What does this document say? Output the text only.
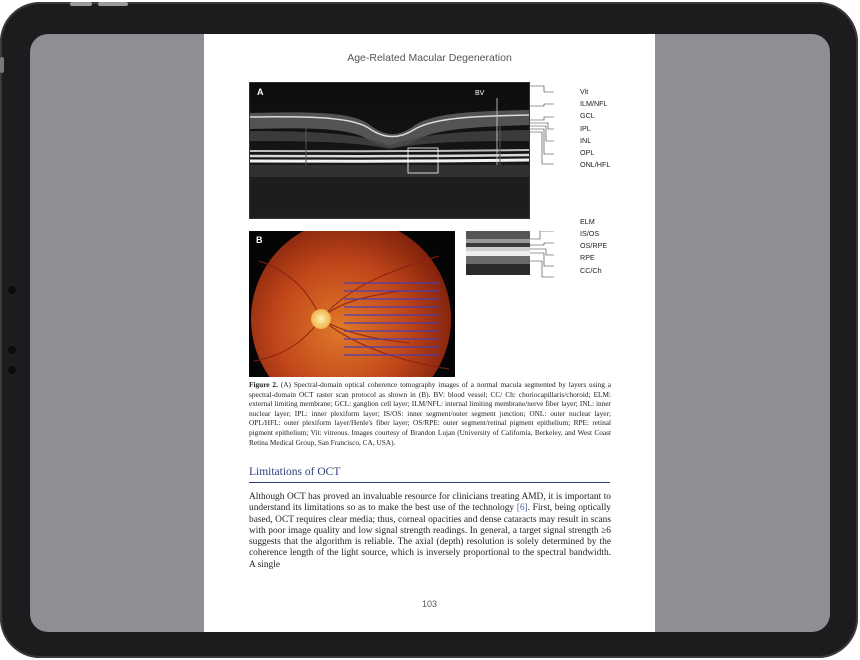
Age-Related Macular Degeneration
A	BV	Vit
ILM/NFL
GCL
IPL
INL
OPL
ONL/HFL
B
ELM
IS/OS
OS/RPE
RPE
CC/Ch
Figure 2. (A) Spectral-domain optical coherence tomography images of a normal macula segmented by layers using a spectral-domain OCT raster scan protocol as shown in (B). BV: blood vessel; CC/ Ch: choriocapillaris/choroid; ELM: external limiting membrane; GCL: ganglion cell layer; ILM/NFL: internal limiting membrane/nerve fiber layer; INL: inner nuclear layer; IPL: inner plexiform layer; IS/OS: inner segment/outer segment junction; ONL: outer nuclear layer; OPL/HFL: outer plexiform layer/Henle's fiber layer; OS/RPE: outer segment/retinal pigment epithelium; RPE: retinal pigment epithelium; Vit: vitreous. Images courtesy of Brandon Lujan (University of California, Berkeley, and West Coast Retina Medical Group, San Francisco, CA, USA).
Limitations of OCT
Although OCT has proved an invaluable resource for clinicians treating AMD, it is important to understand its limitations so as to make the best use of the technology [6]. First, being optically based, OCT requires clear media; thus, corneal opacities and dense cataracts may result in scans with poor image quality and low signal strength readings. In general, a target signal strength ≥6 suggests that the algorithm is reliable. The axial (depth) resolution is solely determined by the coherence length of the light source, which is inversely proportional to the spectral bandwidth. A single
103
